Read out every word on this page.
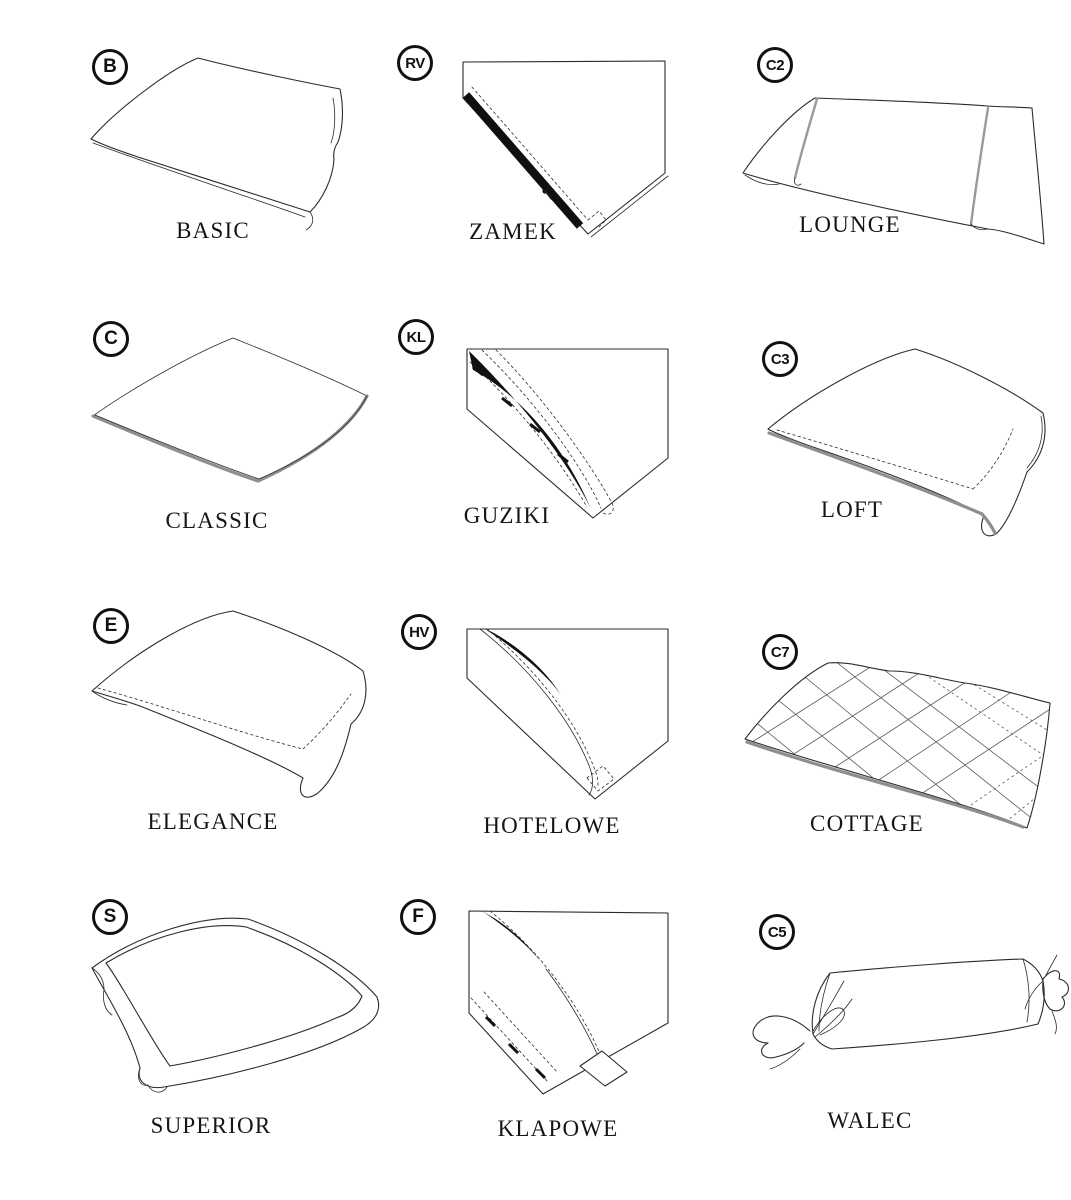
B
BASIC
RV
ZAMEK
C2
LOUNGE
C
CLASSIC
KL
GUZIKI
C3
LOFT
E
ELEGANCE
HV
HOTELOWE
C7
COTTAGE
S
SUPERIOR
F
KLAPOWE
C5
WALEC
